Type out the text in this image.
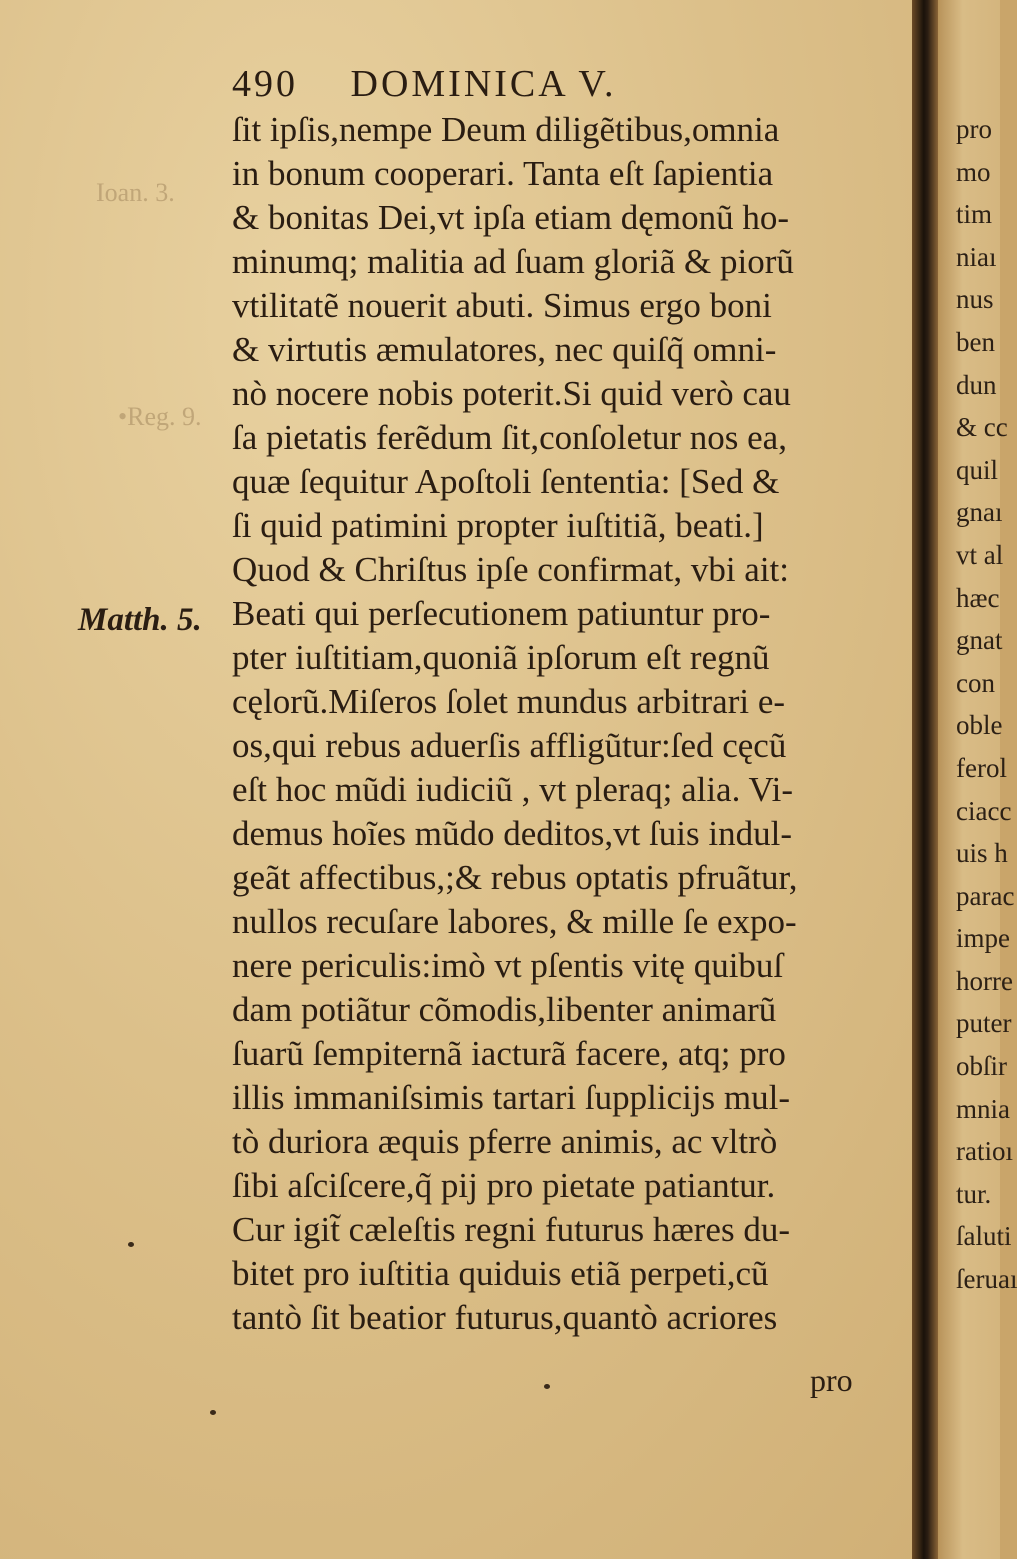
490 DOMINICA V.
Ioan. 3.
•Reg. 9.
Matth. 5.
ſit ipſis,nempe Deum diligẽtibus,omnia
in bonum cooperari. Tanta eſt ſapientia
& bonitas Dei,vt ipſa etiam dęmonũ ho-
minumq; malitia ad ſuam gloriã & piorũ
vtilitatẽ nouerit abuti. Simus ergo boni
& virtutis æmulatores, nec quiſq̃ omni-
nò nocere nobis poterit.Si quid verò cau
ſa pietatis ferẽdum ſit,conſoletur nos ea,
quæ ſequitur Apoſtoli ſententia: [Sed &
ſi quid patimini propter iuſtitiã, beati.]
Quod & Chriſtus ipſe confirmat, vbi ait:
Beati qui perſecutionem patiuntur pro-
pter iuſtitiam,quoniã ipſorum eſt regnũ
cęlorũ.Miſeros ſolet mundus arbitrari e-
os,qui rebus aduerſis affligũtur:ſed cęcũ
eſt hoc mũdi iudiciũ , vt pleraq; alia. Vi-
demus hoĩes mũdo deditos,vt ſuis indul-
geãt affectibus,;& rebus optatis pfruãtur,
nullos recuſare labores, & mille ſe expo-
nere periculis:imò vt pſentis vitę quibuſ
dam potiãtur cõmodis,libenter animarũ
ſuarũ ſempiternã iacturã facere, atq; pro
illis immaniſsimis tartari ſupplicijs mul-
tò duriora æquis pferre animis, ac vltrò
ſibi aſciſcere,q̃ pij pro pietate patiantur.
Cur igit̃ cæleſtis regni futurus hæres du-
bitet pro iuſtitia quiduis etiã perpeti,cũ
tantò ſit beatior futurus,quantò acriores
pro
pro
mo
tim
niaı
nus
ben
dun
& cc
quil
gnaı
vt al
hæc
gnat
con
oble
ferol
ciacc
uis h
parac
impe
horre
puter
obſir
mnia
ratioı
tur.
ſaluti
ſeruaı
